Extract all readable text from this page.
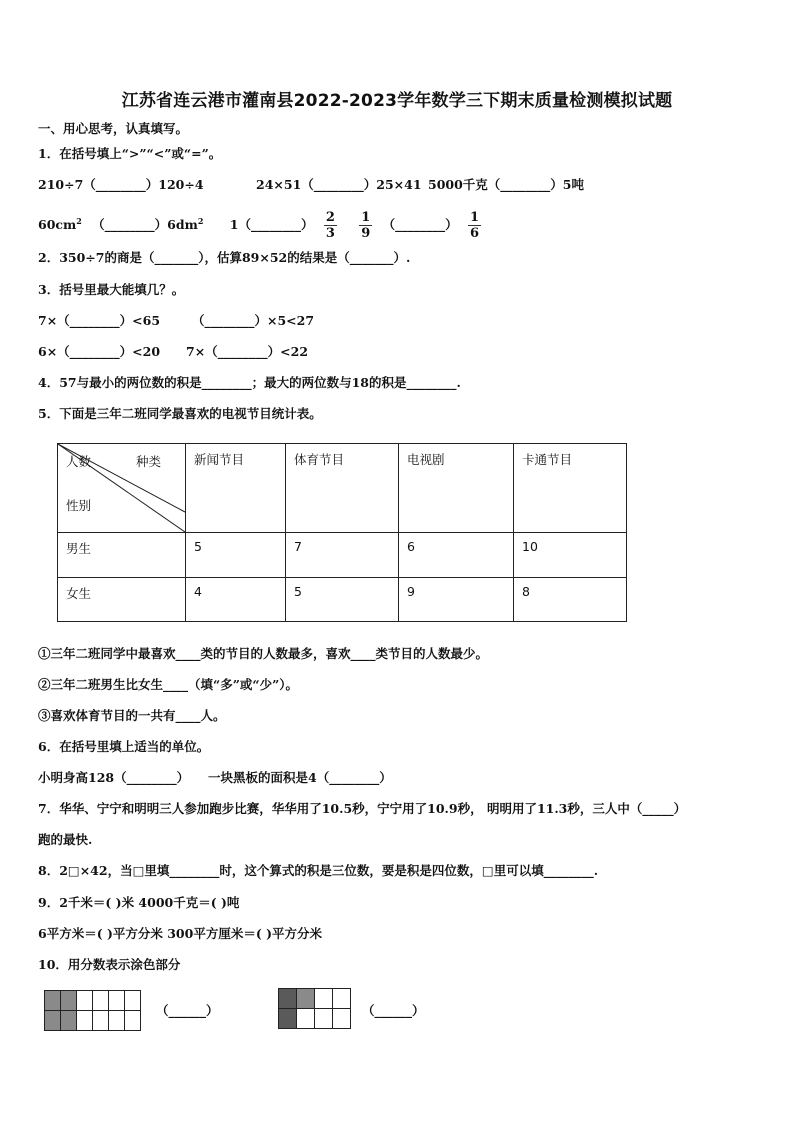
江苏省连云港市灌南县2022-2023学年数学三下期末质量检测模拟试题
一、用心思考，认真填写。
1．在括号填上“>”“<”或“=”。
210÷7（________）120÷4	24×51（________）25×41 5000千克（________）5吨
$60cm^2$ $(\_\_\_\_\_\_\_\_)6dm^2$ 1（________） $\frac{2}{3}$
$\frac{1}{9}$ （________） $\frac{1}{6}$
2．350÷7的商是（_______），估算89×52的结果是（_______）.
3．括号里最大能填几？。
7×（________）<65	（________）×5<27
6×（________）<20 7×（________）<22
4．57与最小的两位数的积是________；最大的两位数与18的积是________.
5．下面是三年二班同学最喜欢的电视节目统计表。
人数 种类
性别	新闻节目	体育节目	电视剧	卡通节目
男生	5	7	6	10
女生	4	5	9	8
①三年二班同学中最喜欢____类的节目的人数最多，喜欢____类节目的人数最少。
②三年二班男生比女生____（填“多”或“少”）。
③喜欢体育节目的一共有____人。
6．在括号里填上适当的单位。
小明身高128（________） 一块黑板的面积是4（________）
7．华华、宁宁和明明三人参加跑步比赛，华华用了10.5秒，宁宁用了10.9秒， 明明用了11.3秒，三人中（_____）
跑的最快.
8．2□×42，当□里填________时，这个算式的积是三位数，要是积是四位数，□里可以填________.
9．2千米＝( )米 4000千克＝( )吨
6平方米＝( )平方分米 300平方厘米＝( )平方分米
10．用分数表示涂色部分
（______）	（______）
